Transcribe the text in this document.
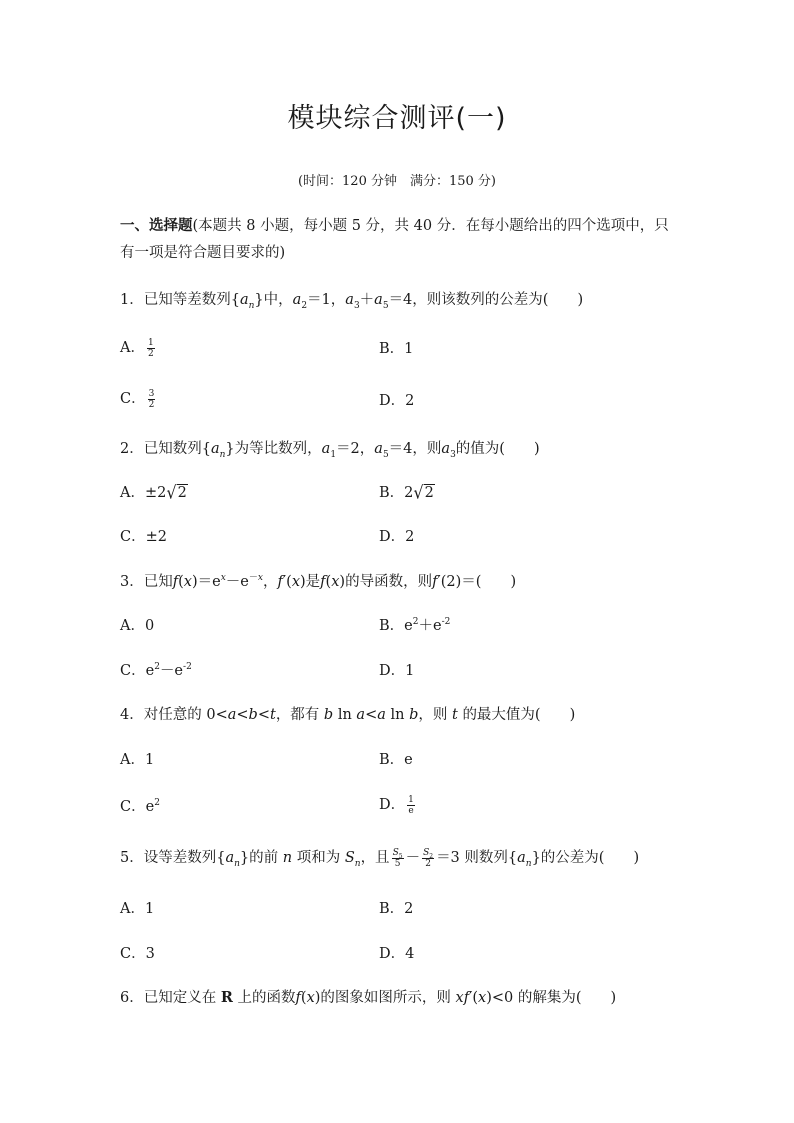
模块综合测评(一)
(时间：120 分钟　满分：150 分)
一、选择题(本题共 8 小题，每小题 5 分，共 40 分．在每小题给出的四个选项中，只有一项是符合题目要求的)
1．已知等差数列$\{a_n\}$中，$a_2=1$，$a_3+a_5=4$，则该数列的公差为(　　)
A． $\frac{1}{2}$	B．1
C． $\frac{3}{2}$	D．2
2．已知数列$\{a_n\}$为等比数列，$a_1=2$，$a_5=4$，则$a_3$的值为(　　)
A．±2√2	B．2√2
C．±2	D．2
3．已知$f(x)=e^x-e^{-x}$，f′(x)是f(x)的导函数，则f′(2)＝(　　)
A．0	B．$e^2+e^{-2}$
C．$e^2-e^{-2}$	D．1
4．对任意的 0<a<b<t，都有 b ln a<a ln b，则 t 的最大值为(　　)
A．1	B．e
C．$e^2$	D． $\frac{1}{e}$
5．设等差数列$\{a_n\}$的前 n 项和为 $S_n$，且 $\frac{S_5}{5} - \frac{S_2}{2} =3$ 则数列$\{a_n\}$的公差为(　　)
A．1	B．2
C．3	D．4
6．已知定义在 R 上的函数f(x)的图象如图所示，则 xf′(x)<0 的解集为(　　)
